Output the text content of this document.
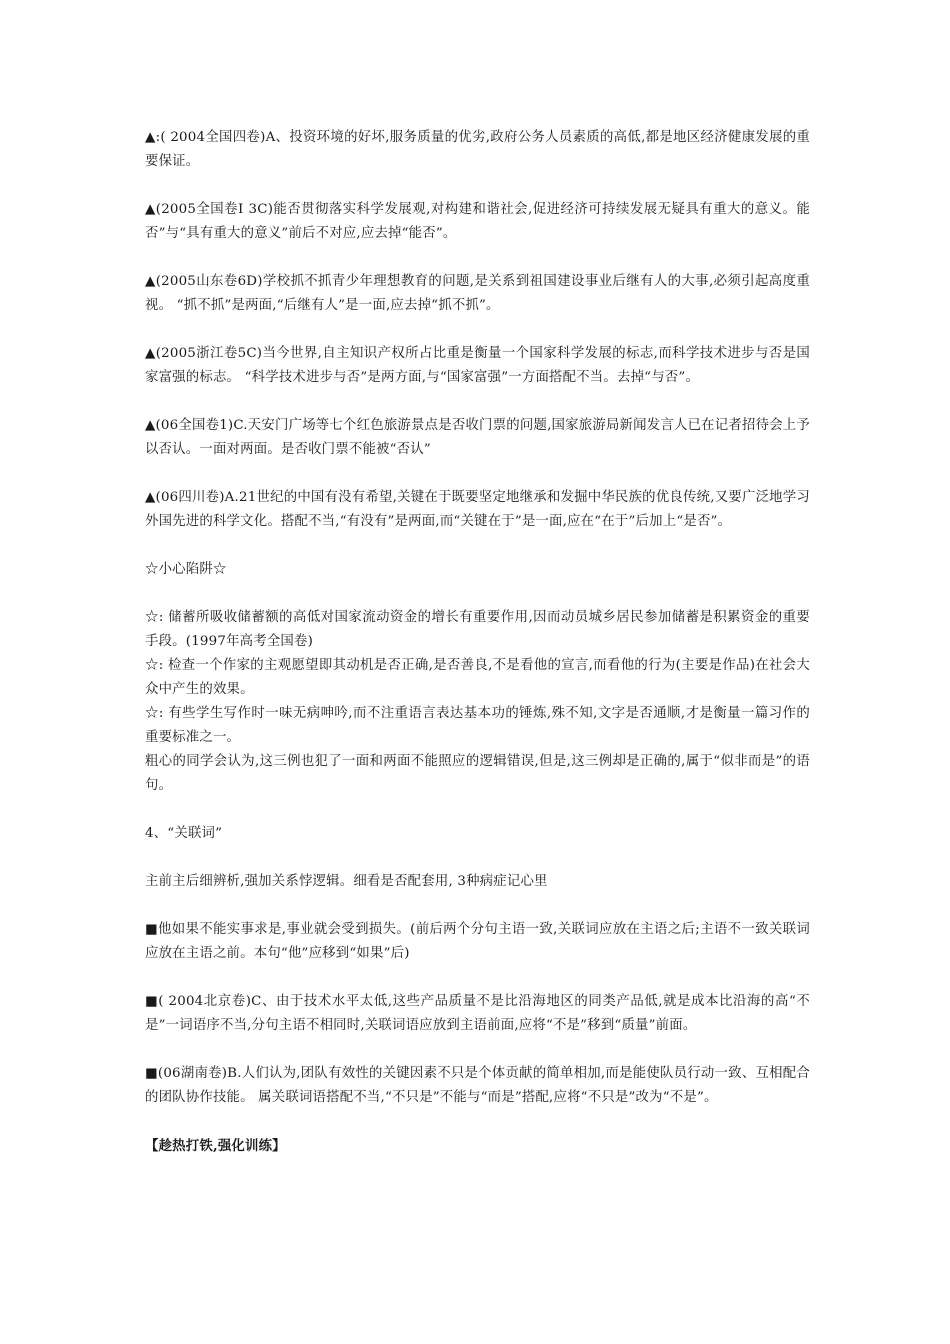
▲:( 2004全国四卷)A、投资环境的好坏,服务质量的优劣,政府公务人员素质的高低,都是地区经济健康发展的重要保证。

▲(2005全国卷Ⅰ 3C)能否贯彻落实科学发展观,对构建和谐社会,促进经济可持续发展无疑具有重大的意义。能否”与“具有重大的意义”前后不对应,应去掉“能否”。

▲(2005山东卷6D)学校抓不抓青少年理想教育的问题,是关系到祖国建设事业后继有人的大事,必须引起高度重视。 “抓不抓”是两面,“后继有人”是一面,应去掉“抓不抓”。

▲(2005浙江卷5C)当今世界,自主知识产权所占比重是衡量一个国家科学发展的标志,而科学技术进步与否是国家富强的标志。 “科学技术进步与否”是两方面,与“国家富强”一方面搭配不当。去掉“与否”。

▲(06全国卷1)C.天安门广场等七个红色旅游景点是否收门票的问题,国家旅游局新闻发言人已在记者招待会上予以否认。一面对两面。是否收门票不能被“否认”

▲(06四川卷)A.21世纪的中国有没有希望,关键在于既要坚定地继承和发掘中华民族的优良传统,又要广泛地学习外国先进的科学文化。搭配不当,“有没有”是两面,而“关键在于”是一面,应在“在于”后加上“是否”。

☆小心陷阱☆

☆: 储蓄所吸收储蓄额的高低对国家流动资金的增长有重要作用,因而动员城乡居民参加储蓄是积累资金的重要手段。(1997年高考全国卷)

☆: 检查一个作家的主观愿望即其动机是否正确,是否善良,不是看他的宣言,而看他的行为(主要是作品)在社会大众中产生的效果。

☆: 有些学生写作时一味无病呻吟,而不注重语言表达基本功的锤炼,殊不知,文字是否通顺,才是衡量一篇习作的重要标准之一。

粗心的同学会认为,这三例也犯了一面和两面不能照应的逻辑错误,但是,这三例却是正确的,属于“似非而是”的语句。

4、“关联词”

主前主后细辨析,强加关系悖逻辑。细看是否配套用, 3种病症记心里

■他如果不能实事求是,事业就会受到损失。(前后两个分句主语一致,关联词应放在主语之后;主语不一致关联词应放在主语之前。本句“他”应移到“如果”后)

■( 2004北京卷)C、由于技术水平太低,这些产品质量不是比沿海地区的同类产品低,就是成本比沿海的高“不是”一词语序不当,分句主语不相同时,关联词语应放到主语前面,应将“不是”移到“质量”前面。

■(06湖南卷)B.人们认为,团队有效性的关键因素不只是个体贡献的简单相加,而是能使队员行动一致、互相配合的团队协作技能。 属关联词语搭配不当,“不只是”不能与“而是”搭配,应将“不只是”改为“不是”。

【趁热打铁,强化训练】
